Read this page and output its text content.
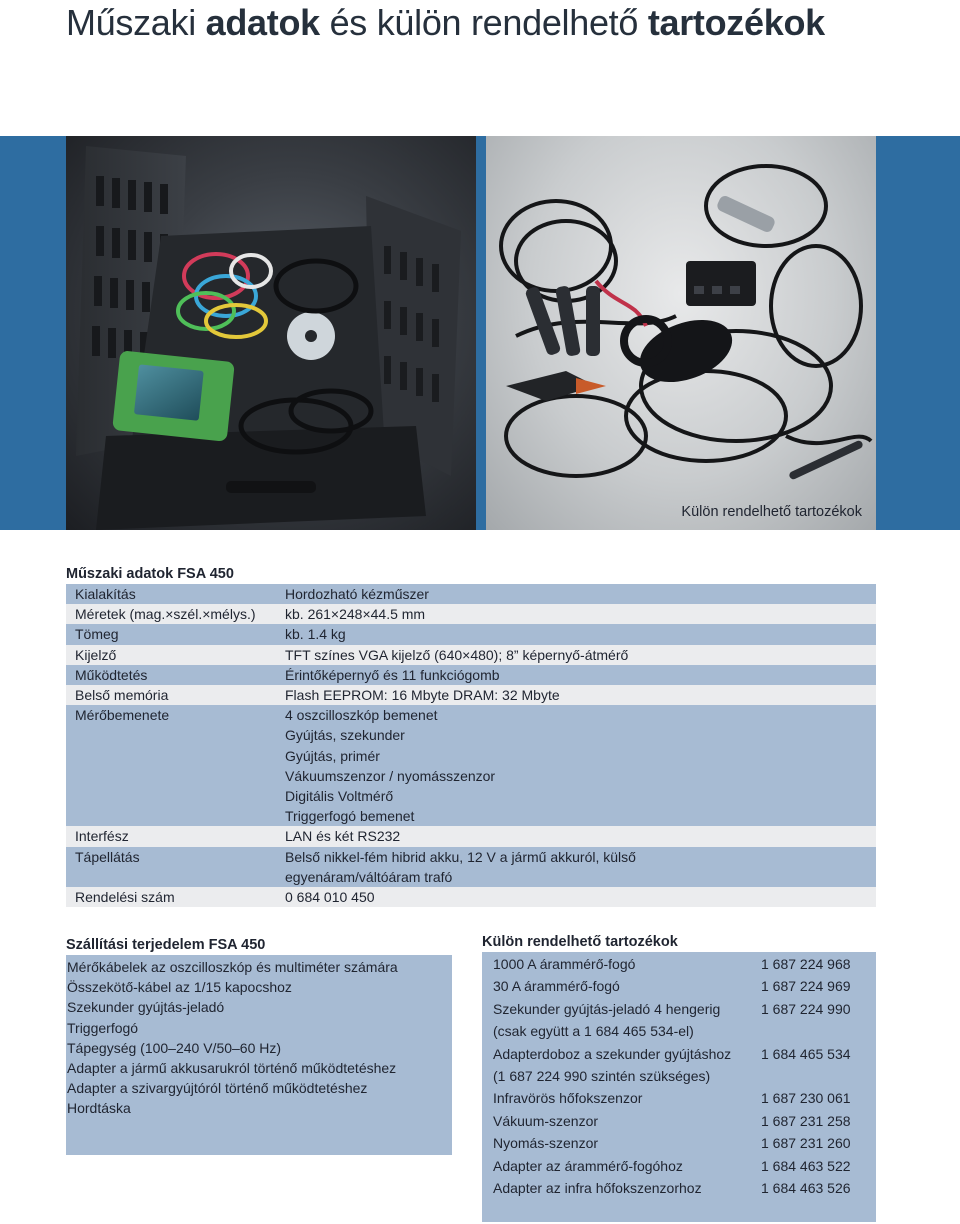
Műszaki adatok és külön rendelhető tartozékok
Külön rendelhető tartozékok
Műszaki adatok FSA 450
Kialakítás	Hordozható kézműszer
Méretek (mag.×szél.×mélys.)	kb. 261×248×44.5 mm
Tömeg	kb. 1.4 kg
Kijelző	TFT színes VGA kijelző (640×480); 8” képernyő-átmérő
Működtetés	Érintőképernyő és 11 funkciógomb
Belső memória	Flash EEPROM: 16 Mbyte DRAM: 32 Mbyte
Mérőbemenete	4 oszcilloszkóp bemenet
Gyújtás, szekunder
Gyújtás, primér
Vákuumszenzor / nyomásszenzor
Digitális Voltmérő
Triggerfogó bemenet
Interfész	LAN és két RS232
Tápellátás	Belső nikkel-fém hibrid akku, 12 V a jármű akkuról, külső
egyenáram/váltóáram trafó
Rendelési szám	0 684 010 450
Szállítási terjedelem FSA 450
Mérőkábelek az oszcilloszkóp és multiméter számára
Összekötő-kábel az 1/15 kapocshoz
Szekunder gyújtás-jeladó
Triggerfogó
Tápegység (100–240 V/50–60 Hz)
Adapter a jármű akkusarukról történő működtetéshez
Adapter a szivargyújtóról történő működtetéshez
Hordtáska
Külön rendelhető tartozékok
1000 A árammérő-fogó	1 687 224 968
30 A árammérő-fogó	1 687 224 969
Szekunder gyújtás-jeladó 4 hengerig	1 687 224 990
(csak együtt a 1 684 465 534-el)
Adapterdoboz a szekunder gyújtáshoz	1 684 465 534
(1 687 224 990 szintén szükséges)
Infravörös hőfokszenzor	1 687 230 061
Vákuum-szenzor	1 687 231 258
Nyomás-szenzor	1 687 231 260
Adapter az árammérő-fogóhoz	1 684 463 522
Adapter az infra hőfokszenzorhoz	1 684 463 526
